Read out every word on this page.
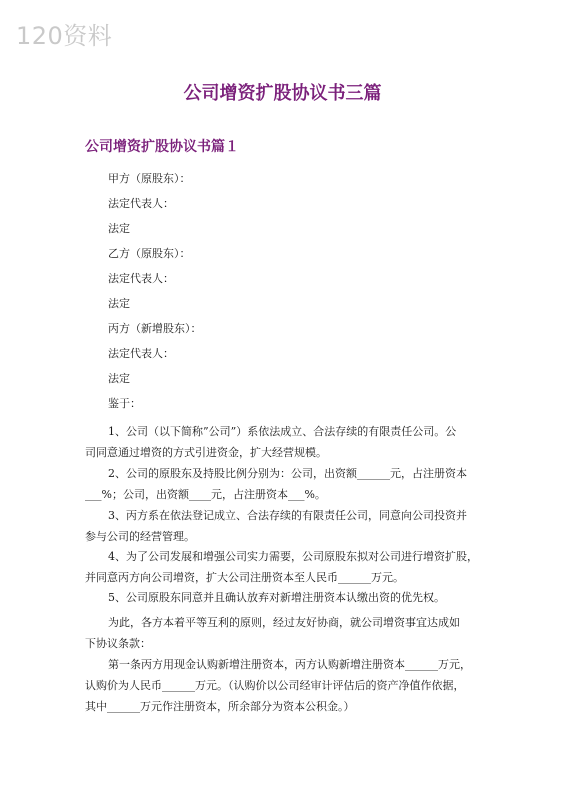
120资料
公司增资扩股协议书三篇
公司增资扩股协议书篇１
甲方（原股东）：
法定代表人：
法定
乙方（原股东）：
法定代表人：
法定
丙方（新增股东）：
法定代表人：
法定
鉴于：
1、公司（以下简称”公司”）系依法成立、合法存续的有限责任公司。公
司同意通过增资的方式引进资金，扩大经营规模。
2、公司的原股东及持股比例分别为：公司，出资额______元，占注册资本
___%；公司，出资额____元，占注册资本___%。
3、丙方系在依法登记成立、合法存续的有限责任公司，同意向公司投资并
参与公司的经营管理。
4、为了公司发展和增强公司实力需要，公司原股东拟对公司进行增资扩股，
并同意丙方向公司增资，扩大公司注册资本至人民币______万元。
5、公司原股东同意并且确认放弃对新增注册资本认缴出资的优先权。
为此，各方本着平等互利的原则，经过友好协商，就公司增资事宜达成如
下协议条款：
第一条丙方用现金认购新增注册资本，丙方认购新增注册资本______万元，
认购价为人民币______万元。（认购价以公司经审计评估后的资产净值作依据，
其中______万元作注册资本，所余部分为资本公积金。）
